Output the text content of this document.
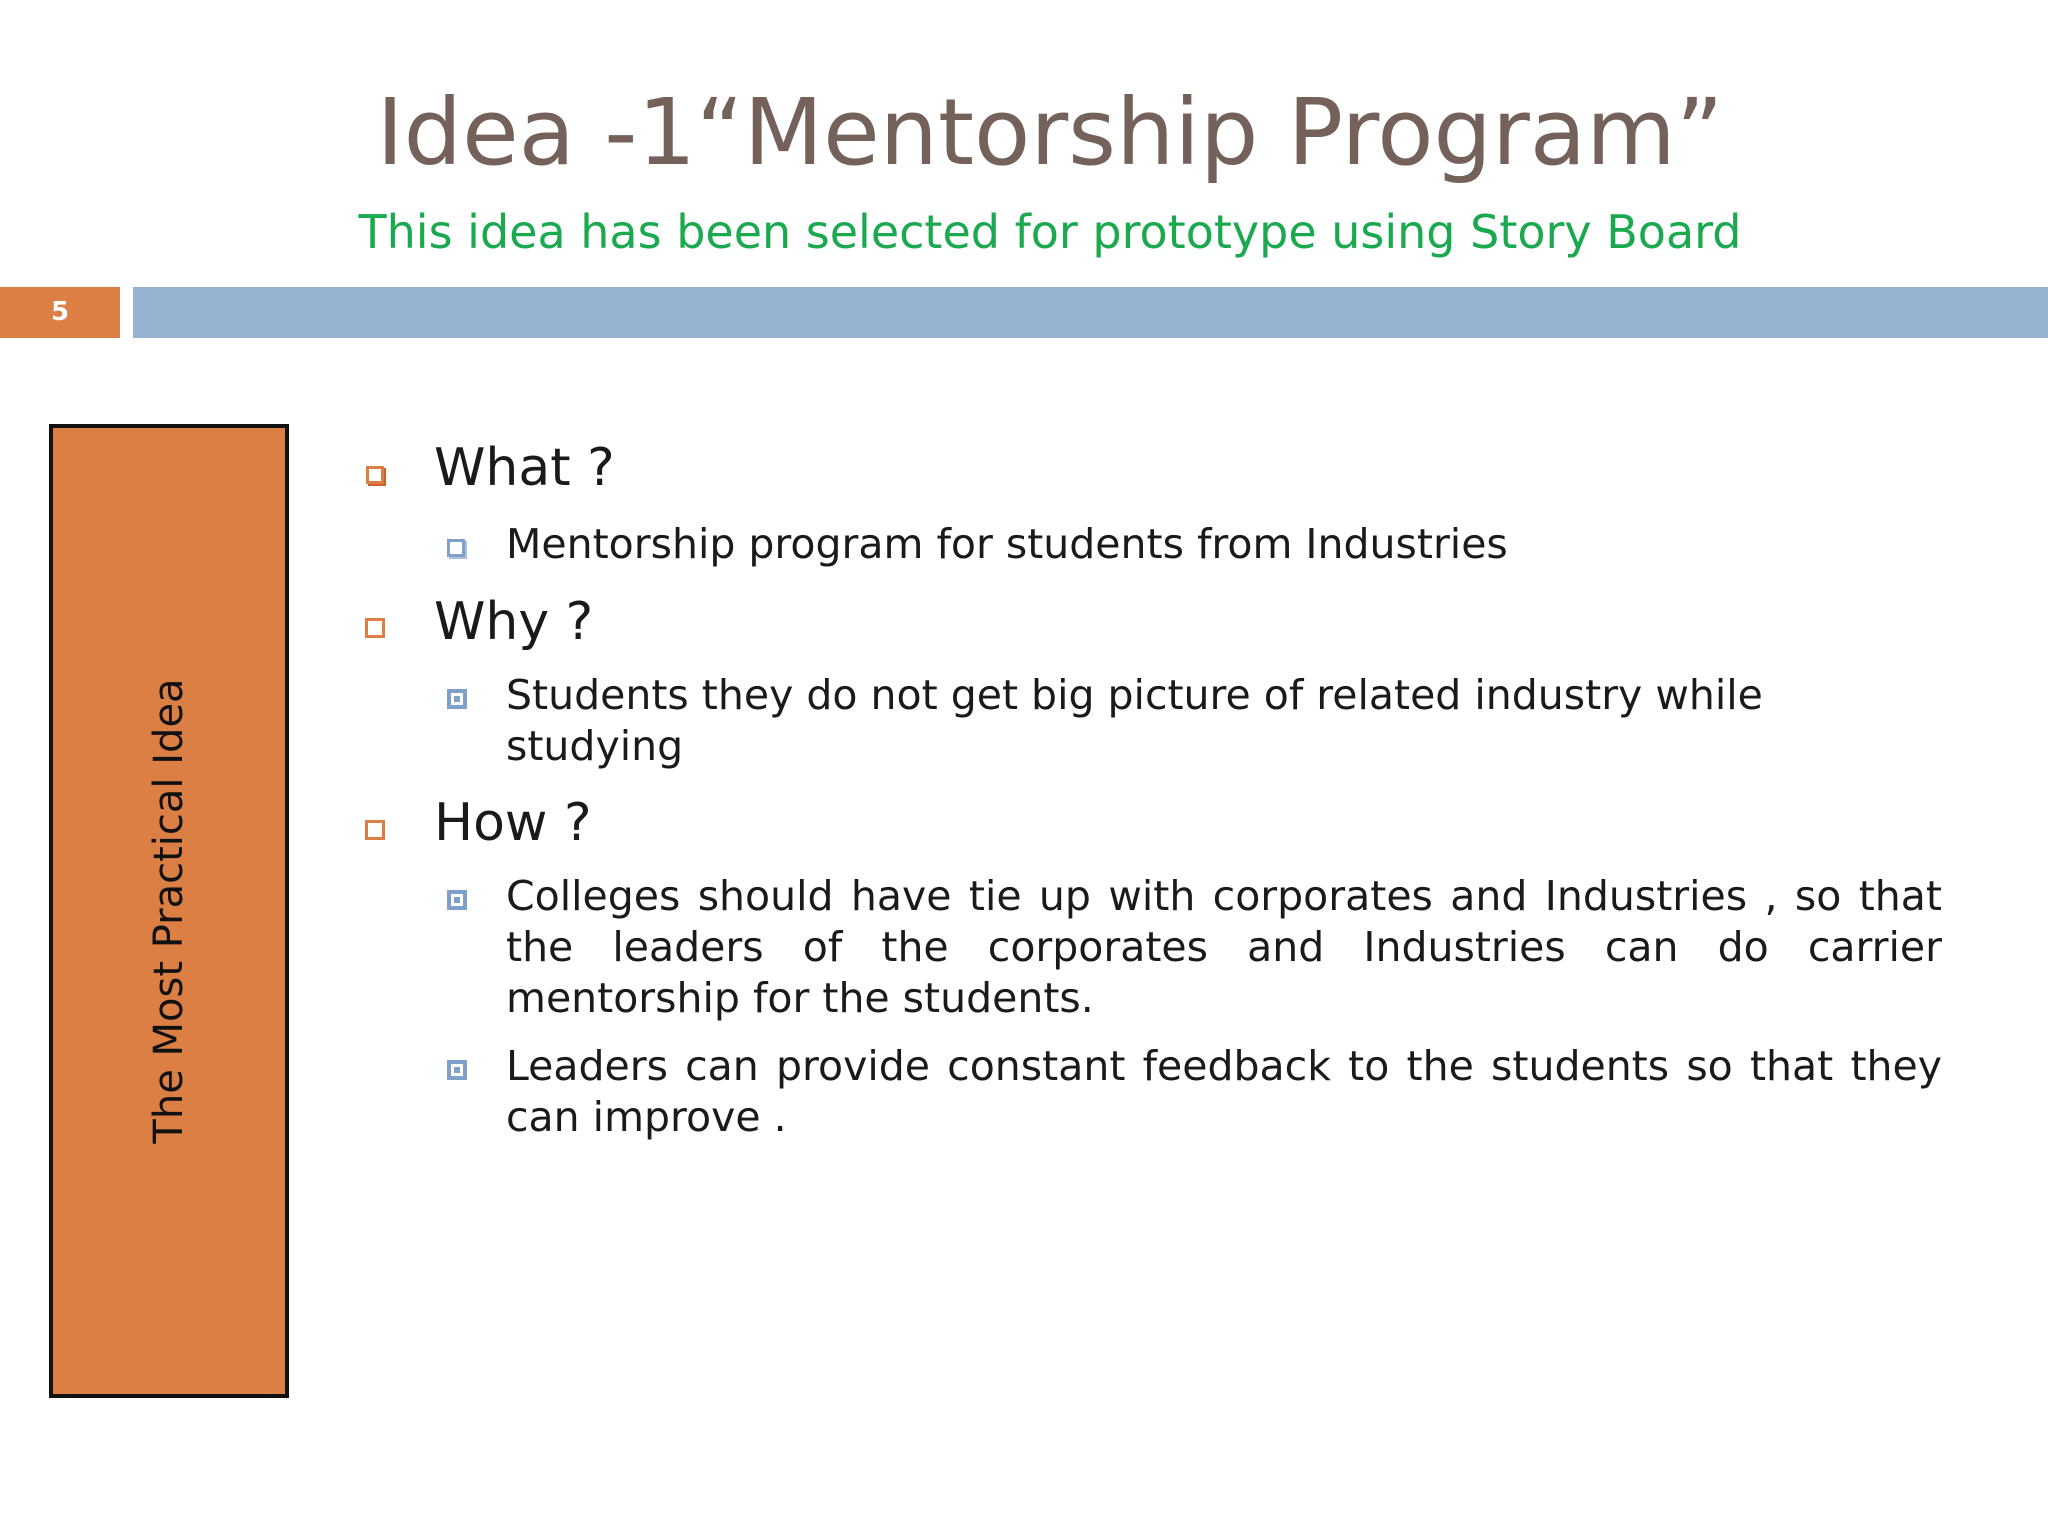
Idea -1“Mentorship Program”
This idea has been selected for prototype using Story Board
5
The Most Practical Idea
What ?
Mentorship program for students from Industries
Why ?
Students they do not get big picture of related industry while studying
How ?
Colleges should have tie up with corporates and Industries , so that the leaders of the corporates and Industries can do carrier mentorship for the students.
Leaders can provide constant feedback to the students so that they can improve .
